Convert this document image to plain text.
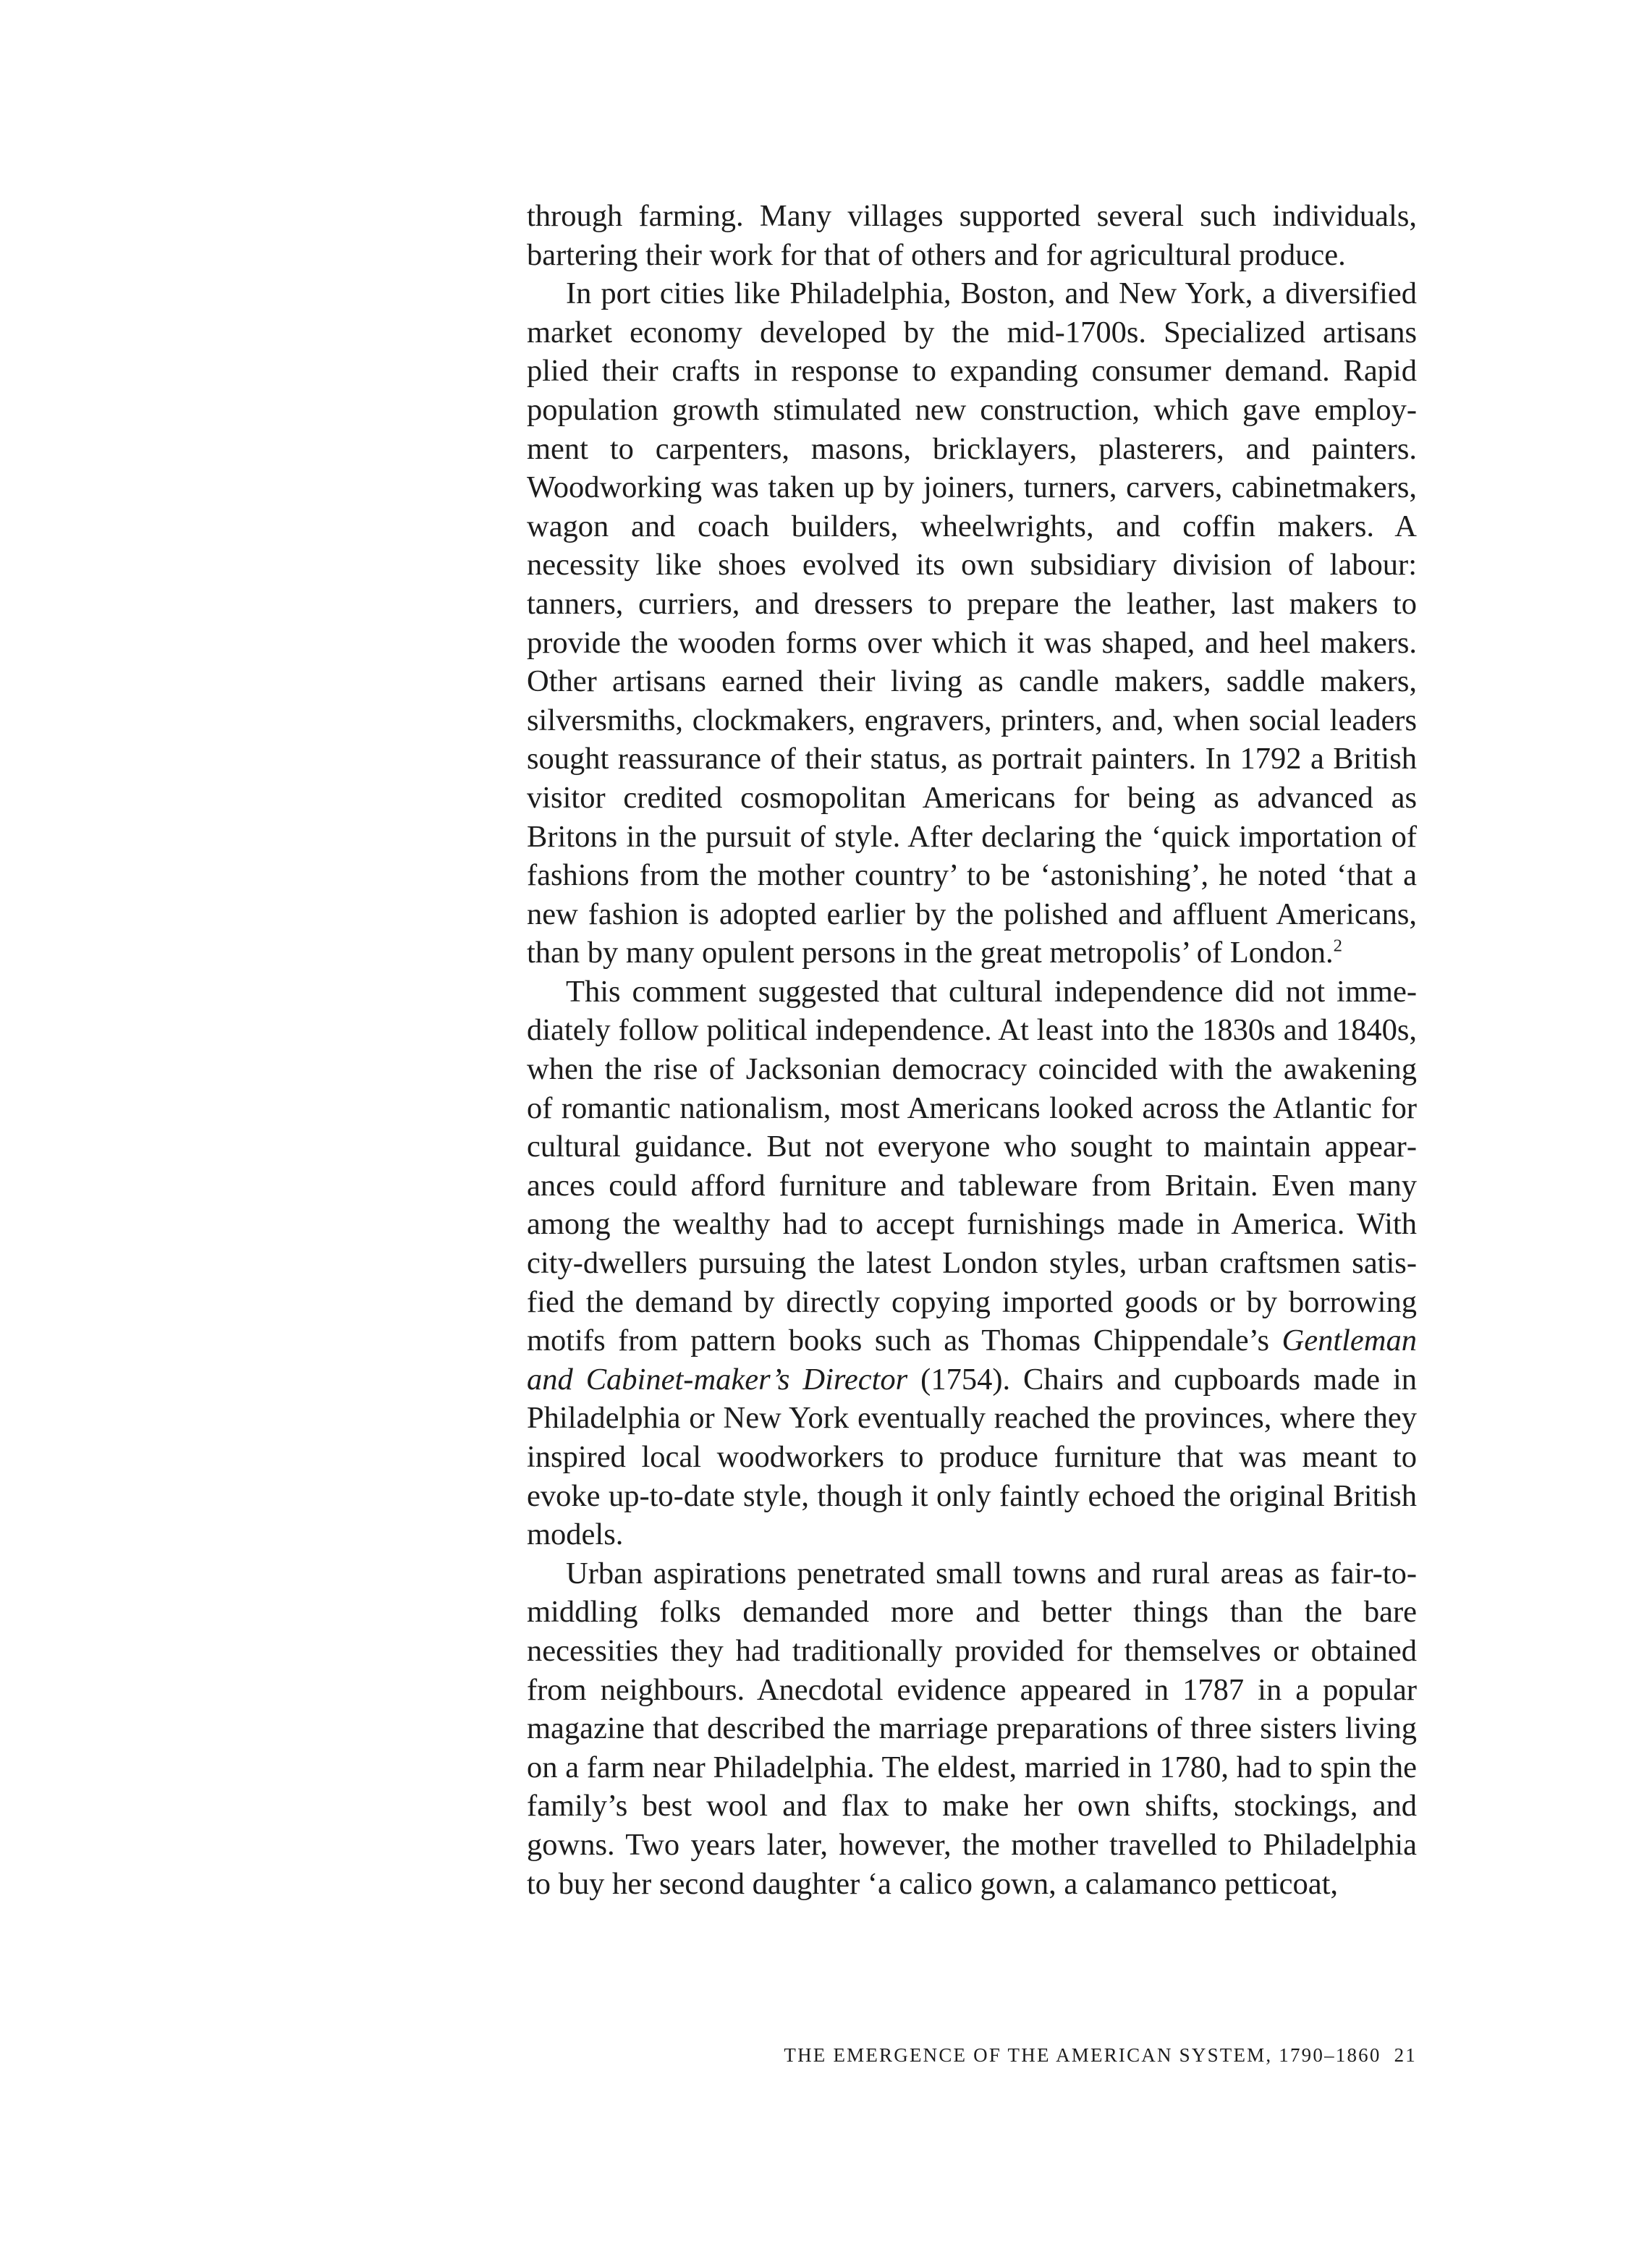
through farming. Many villages supported several such individuals, bartering their work for that of others and for agricultural produce.

In port cities like Philadelphia, Boston, and New York, a diversified market economy developed by the mid-1700s. Specialized artisans plied their crafts in response to expanding consumer demand. Rapid population growth stimulated new construction, which gave employment to carpenters, masons, bricklayers, plasterers, and painters. Woodworking was taken up by joiners, turners, carvers, cabinetmakers, wagon and coach builders, wheelwrights, and coffin makers. A necessity like shoes evolved its own subsidiary division of labour: tanners, curriers, and dressers to prepare the leather, last makers to provide the wooden forms over which it was shaped, and heel makers. Other artisans earned their living as candle makers, saddle makers, silversmiths, clockmakers, engravers, printers, and, when social leaders sought reassurance of their status, as portrait painters. In 1792 a British visitor credited cosmopolitan Americans for being as advanced as Britons in the pursuit of style. After declaring the ‘quick importation of fashions from the mother country’ to be ‘astonishing’, he noted ‘that a new fashion is adopted earlier by the polished and affluent Americans, than by many opulent persons in the great metropolis’ of London.$^2$

This comment suggested that cultural independence did not immediately follow political independence. At least into the 1830s and 1840s, when the rise of Jacksonian democracy coincided with the awakening of romantic nationalism, most Americans looked across the Atlantic for cultural guidance. But not everyone who sought to maintain appearances could afford furniture and tableware from Britain. Even many among the wealthy had to accept furnishings made in America. With city-dwellers pursuing the latest London styles, urban craftsmen satisfied the demand by directly copying imported goods or by borrowing motifs from pattern books such as Thomas Chippendale’s Gentleman and Cabinet-maker’s Director (1754). Chairs and cupboards made in Philadelphia or New York eventually reached the provinces, where they inspired local woodworkers to produce furniture that was meant to evoke up-to-date style, though it only faintly echoed the original British models.

Urban aspirations penetrated small towns and rural areas as fair-to-middling folks demanded more and better things than the bare necessities they had traditionally provided for themselves or obtained from neighbours. Anecdotal evidence appeared in 1787 in a popular magazine that described the marriage preparations of three sisters living on a farm near Philadelphia. The eldest, married in 1780, had to spin the family’s best wool and flax to make her own shifts, stockings, and gowns. Two years later, however, the mother travelled to Philadelphia to buy her second daughter ‘a calico gown, a calamanco petticoat,

THE EMERGENCE OF THE AMERICAN SYSTEM, 1790–1860 21
